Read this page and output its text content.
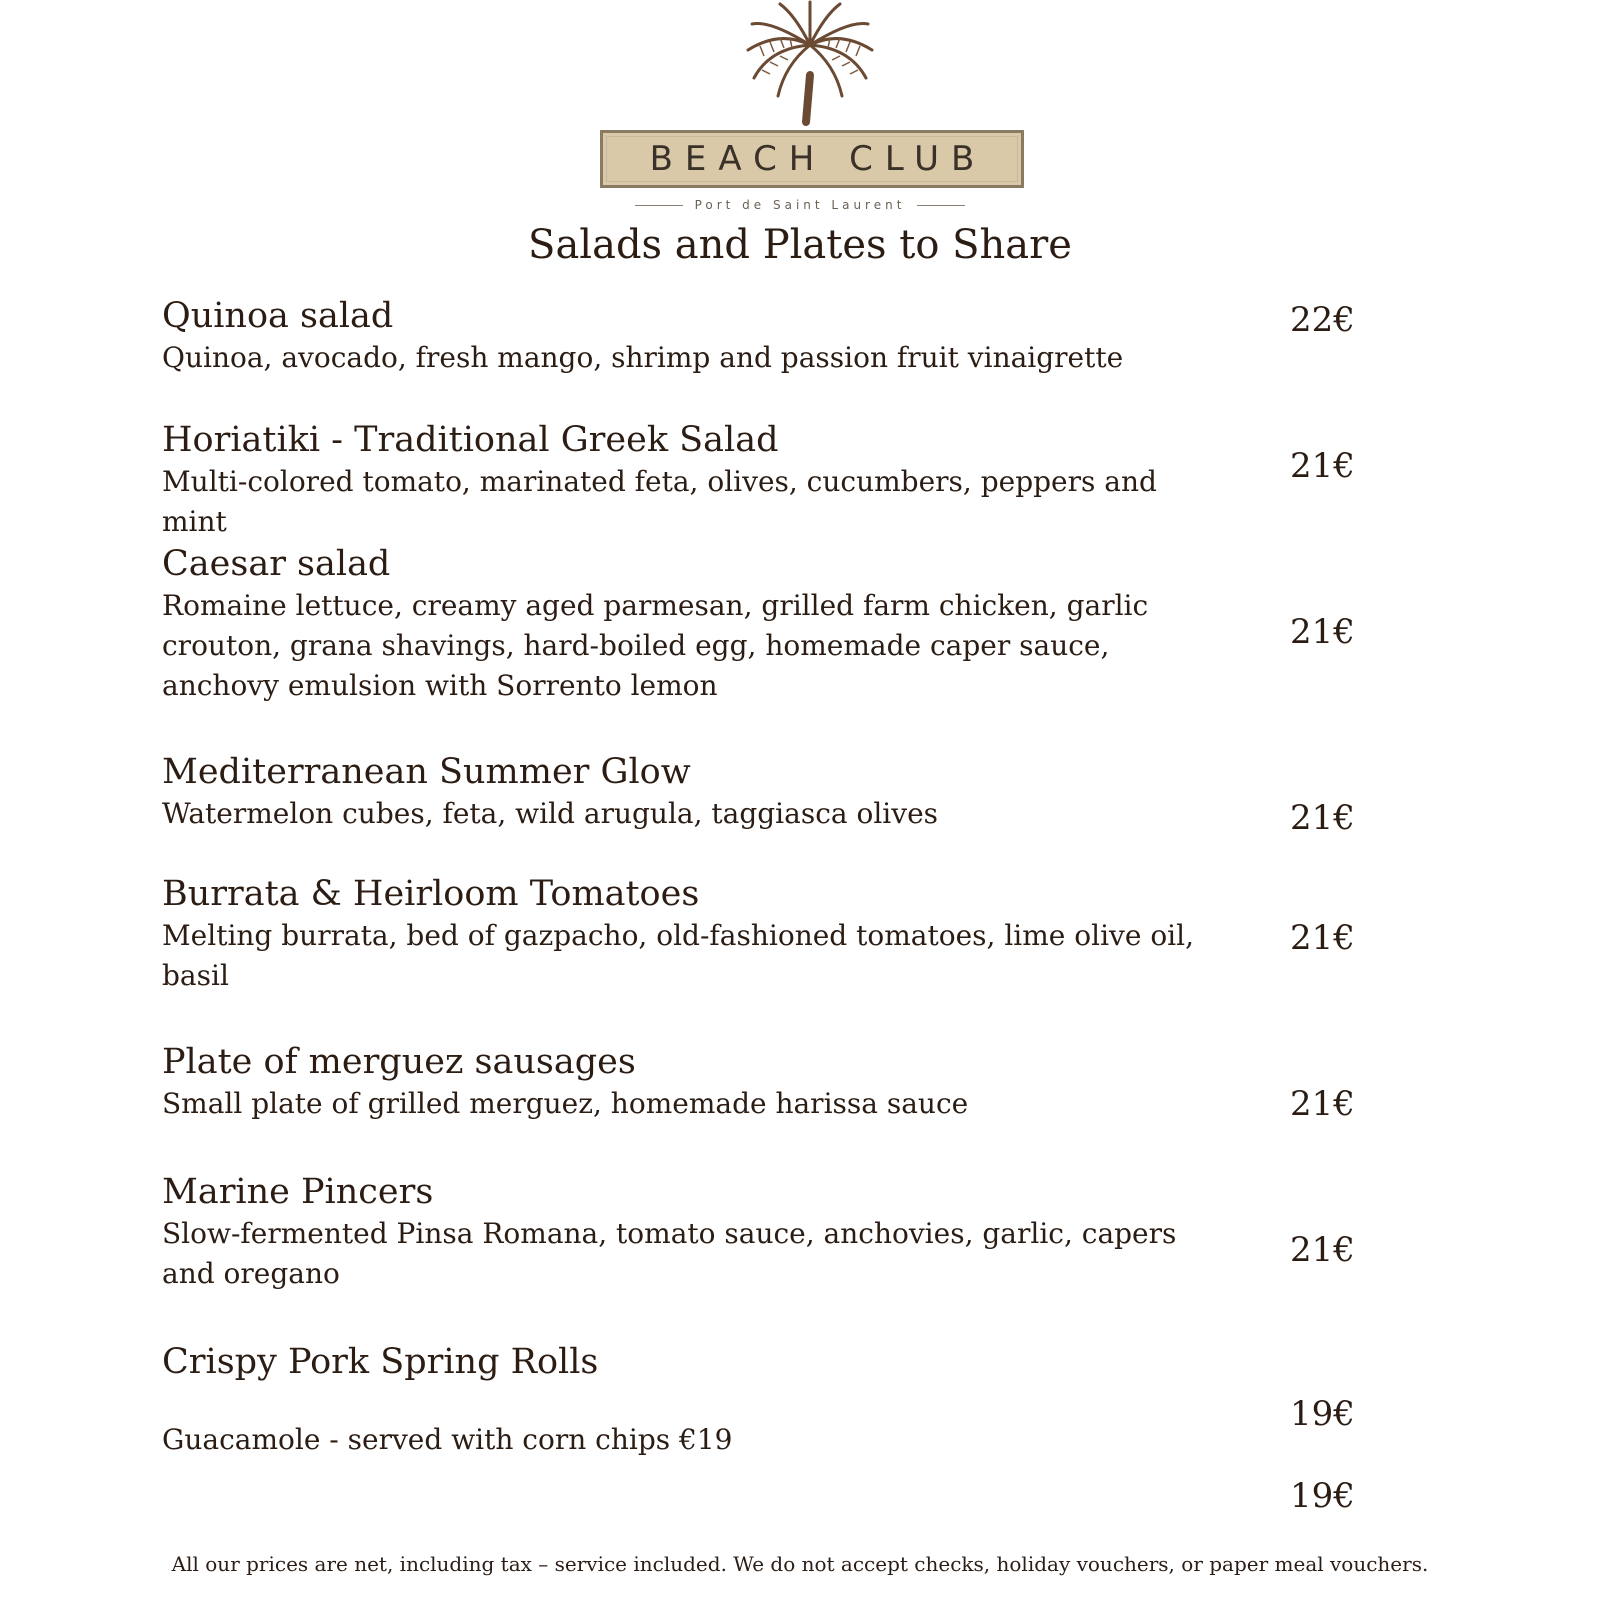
BEACH CLUB
Port de Saint Laurent
Salads and Plates to Share
Quinoa salad
Quinoa, avocado, fresh mango, shrimp and passion fruit vinaigrette
22€
Horiatiki - Traditional Greek Salad
Multi-colored tomato, marinated feta, olives, cucumbers, peppers and mint
21€
Caesar salad
Romaine lettuce, creamy aged parmesan, grilled farm chicken, garlic crouton, grana shavings, hard-boiled egg, homemade caper sauce, anchovy emulsion with Sorrento lemon
21€
Mediterranean Summer Glow
Watermelon cubes, feta, wild arugula, taggiasca olives	21€
Burrata & Heirloom Tomatoes
Melting burrata, bed of gazpacho, old-fashioned tomatoes, lime olive oil, basil
21€
Plate of merguez sausages
Small plate of grilled merguez, homemade harissa sauce	21€
Marine Pincers
Slow-fermented Pinsa Romana, tomato sauce, anchovies, garlic, capers and oregano
21€
Crispy Pork Spring Rolls
Guacamole - served with corn chips €19
19€
19€
All our prices are net, including tax – service included. We do not accept checks, holiday vouchers, or paper meal vouchers.
